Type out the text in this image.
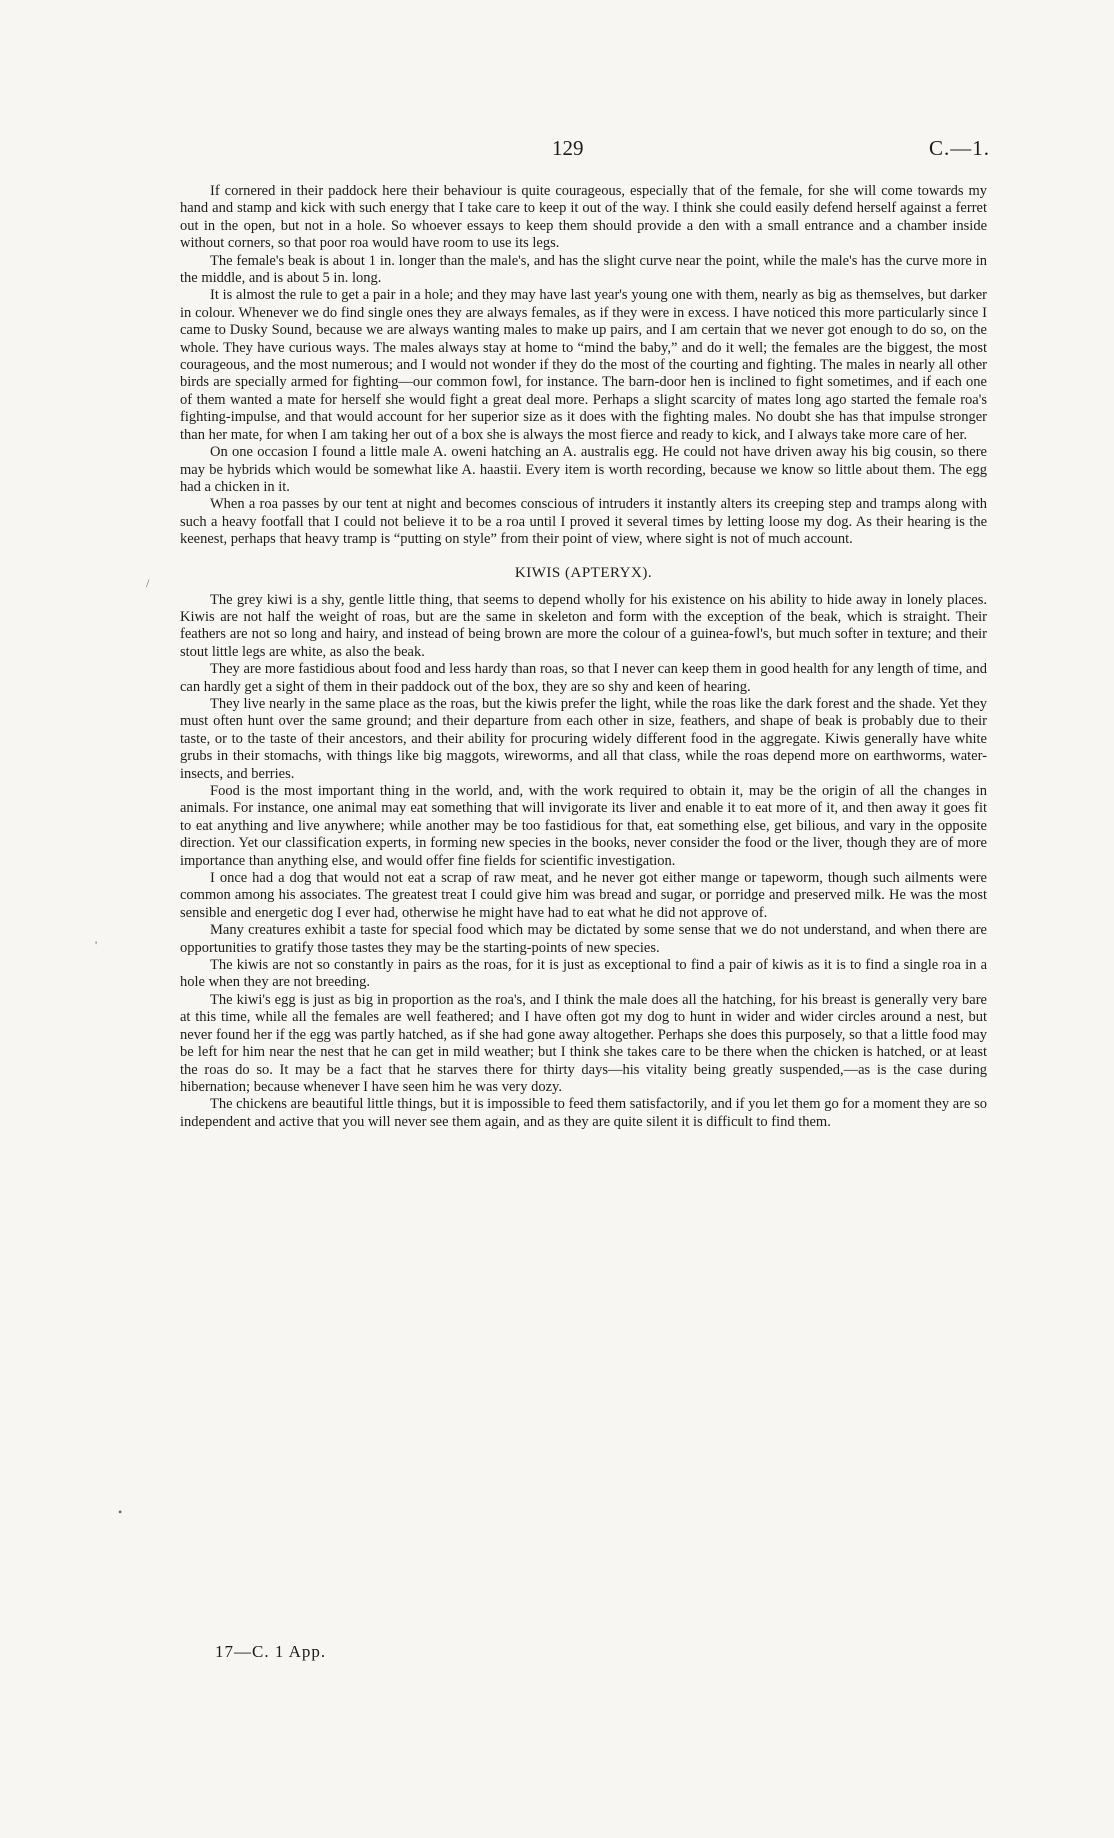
129	C.—1.
/
'
•

If cornered in their paddock here their behaviour is quite courageous, especially that of the female, for she will come towards my hand and stamp and kick with such energy that I take care to keep it out of the way. I think she could easily defend herself against a ferret out in the open, but not in a hole. So whoever essays to keep them should provide a den with a small entrance and a chamber inside without corners, so that poor roa would have room to use its legs.

The female's beak is about 1 in. longer than the male's, and has the slight curve near the point, while the male's has the curve more in the middle, and is about 5 in. long.

It is almost the rule to get a pair in a hole; and they may have last year's young one with them, nearly as big as themselves, but darker in colour. Whenever we do find single ones they are always females, as if they were in excess. I have noticed this more particularly since I came to Dusky Sound, because we are always wanting males to make up pairs, and I am certain that we never got enough to do so, on the whole. They have curious ways. The males always stay at home to “mind the baby,” and do it well; the females are the biggest, the most courageous, and the most numerous; and I would not wonder if they do the most of the courting and fighting. The males in nearly all other birds are specially armed for fighting—our common fowl, for instance. The barn-door hen is inclined to fight sometimes, and if each one of them wanted a mate for herself she would fight a great deal more. Perhaps a slight scarcity of mates long ago started the female roa's fighting-impulse, and that would account for her superior size as it does with the fighting males. No doubt she has that impulse stronger than her mate, for when I am taking her out of a box she is always the most fierce and ready to kick, and I always take more care of her.

On one occasion I found a little male A. oweni hatching an A. australis egg. He could not have driven away his big cousin, so there may be hybrids which would be somewhat like A. haastii. Every item is worth recording, because we know so little about them. The egg had a chicken in it.

When a roa passes by our tent at night and becomes conscious of intruders it instantly alters its creeping step and tramps along with such a heavy footfall that I could not believe it to be a roa until I proved it several times by letting loose my dog. As their hearing is the keenest, perhaps that heavy tramp is “putting on style” from their point of view, where sight is not of much account.

KIWIS (APTERYX).

The grey kiwi is a shy, gentle little thing, that seems to depend wholly for his existence on his ability to hide away in lonely places. Kiwis are not half the weight of roas, but are the same in skeleton and form with the exception of the beak, which is straight. Their feathers are not so long and hairy, and instead of being brown are more the colour of a guinea-fowl's, but much softer in texture; and their stout little legs are white, as also the beak.

They are more fastidious about food and less hardy than roas, so that I never can keep them in good health for any length of time, and can hardly get a sight of them in their paddock out of the box, they are so shy and keen of hearing.

They live nearly in the same place as the roas, but the kiwis prefer the light, while the roas like the dark forest and the shade. Yet they must often hunt over the same ground; and their departure from each other in size, feathers, and shape of beak is probably due to their taste, or to the taste of their ancestors, and their ability for procuring widely different food in the aggregate. Kiwis generally have white grubs in their stomachs, with things like big maggots, wireworms, and all that class, while the roas depend more on earthworms, water-insects, and berries.

Food is the most important thing in the world, and, with the work required to obtain it, may be the origin of all the changes in animals. For instance, one animal may eat something that will invigorate its liver and enable it to eat more of it, and then away it goes fit to eat anything and live anywhere; while another may be too fastidious for that, eat something else, get bilious, and vary in the opposite direction. Yet our classification experts, in forming new species in the books, never consider the food or the liver, though they are of more importance than anything else, and would offer fine fields for scientific investigation.

I once had a dog that would not eat a scrap of raw meat, and he never got either mange or tapeworm, though such ailments were common among his associates. The greatest treat I could give him was bread and sugar, or porridge and preserved milk. He was the most sensible and energetic dog I ever had, otherwise he might have had to eat what he did not approve of.

Many creatures exhibit a taste for special food which may be dictated by some sense that we do not understand, and when there are opportunities to gratify those tastes they may be the starting-points of new species.

The kiwis are not so constantly in pairs as the roas, for it is just as exceptional to find a pair of kiwis as it is to find a single roa in a hole when they are not breeding.

The kiwi's egg is just as big in proportion as the roa's, and I think the male does all the hatching, for his breast is generally very bare at this time, while all the females are well feathered; and I have often got my dog to hunt in wider and wider circles around a nest, but never found her if the egg was partly hatched, as if she had gone away altogether. Perhaps she does this purposely, so that a little food may be left for him near the nest that he can get in mild weather; but I think she takes care to be there when the chicken is hatched, or at least the roas do so. It may be a fact that he starves there for thirty days—his vitality being greatly suspended,—as is the case during hibernation; because whenever I have seen him he was very dozy.

The chickens are beautiful little things, but it is impossible to feed them satisfactorily, and if you let them go for a moment they are so independent and active that you will never see them again, and as they are quite silent it is difficult to find them.

17—C. 1 App.
